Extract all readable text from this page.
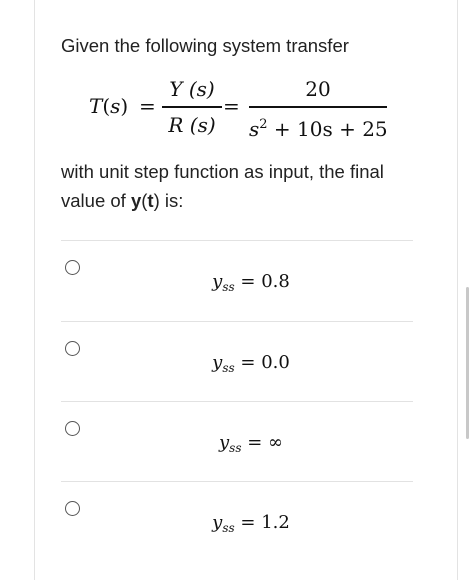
Given the following system transfer
T(s) =
Y (s)
R (s)
=
20
$s^2 + 10s + 25$
with unit step function as input, the final value of y(t) is:
$y_{ss} = 0.8$
$y_{ss} = 0.0$
$y_{ss}$ = ∞
$y_{ss} = 1.2$
